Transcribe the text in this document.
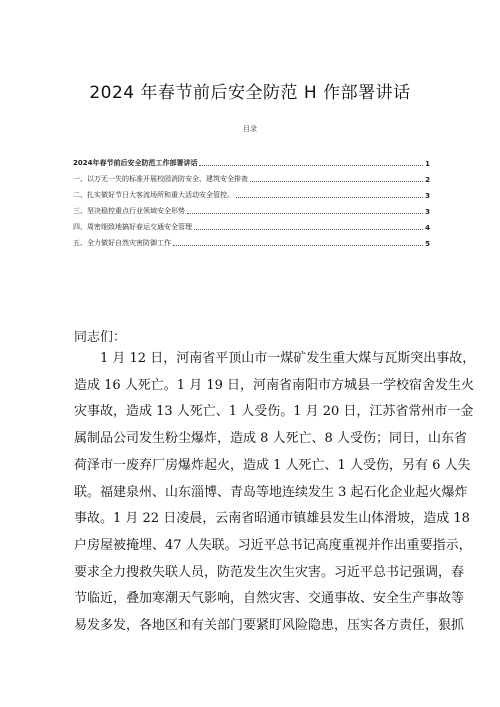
2024 年春节前后安全防范 H 作部署讲话
目录
2024年春节前后安全防范工作部署讲话	1
一、以万无一失的标准开展校园消防安全、建筑安全排查	2
二、扎实做好节日大客流场所和重大活动安全管控。	3
三、坚决稳控重点行业领域安全形势	3
四、周密细致地搞好春运交通安全管理	4
五、全力做好自然灾害防御工作	5
同志们：
1 月 12 日，河南省平顶山市一煤矿发生重大煤与瓦斯突出事故，
造成 16 人死亡。1 月 19 日，河南省南阳市方城县一学校宿舍发生火
灾事故，造成 13 人死亡、1 人受伤。1 月 20 日，江苏省常州市一金
属制品公司发生粉尘爆炸，造成 8 人死亡、8 人受伤；同日，山东省
荷泽市一废弃厂房爆炸起火，造成 1 人死亡、1 人受伤，另有 6 人失
联。福建泉州、山东淄博、青岛等地连续发生 3 起石化企业起火爆炸
事故。1 月 22 日凌晨，云南省昭通市镇雄县发生山体滑坡，造成 18
户房屋被掩埋、47 人失联。习近平总书记高度重视并作出重要指示，
要求全力搜救失联人员，防范发生次生灾害。习近平总书记强调，春
节临近，叠加寒潮天气影响，自然灾害、交通事故、安全生产事故等
易发多发，各地区和有关部门要紧盯风险隐患，压实各方责任，狠抓
